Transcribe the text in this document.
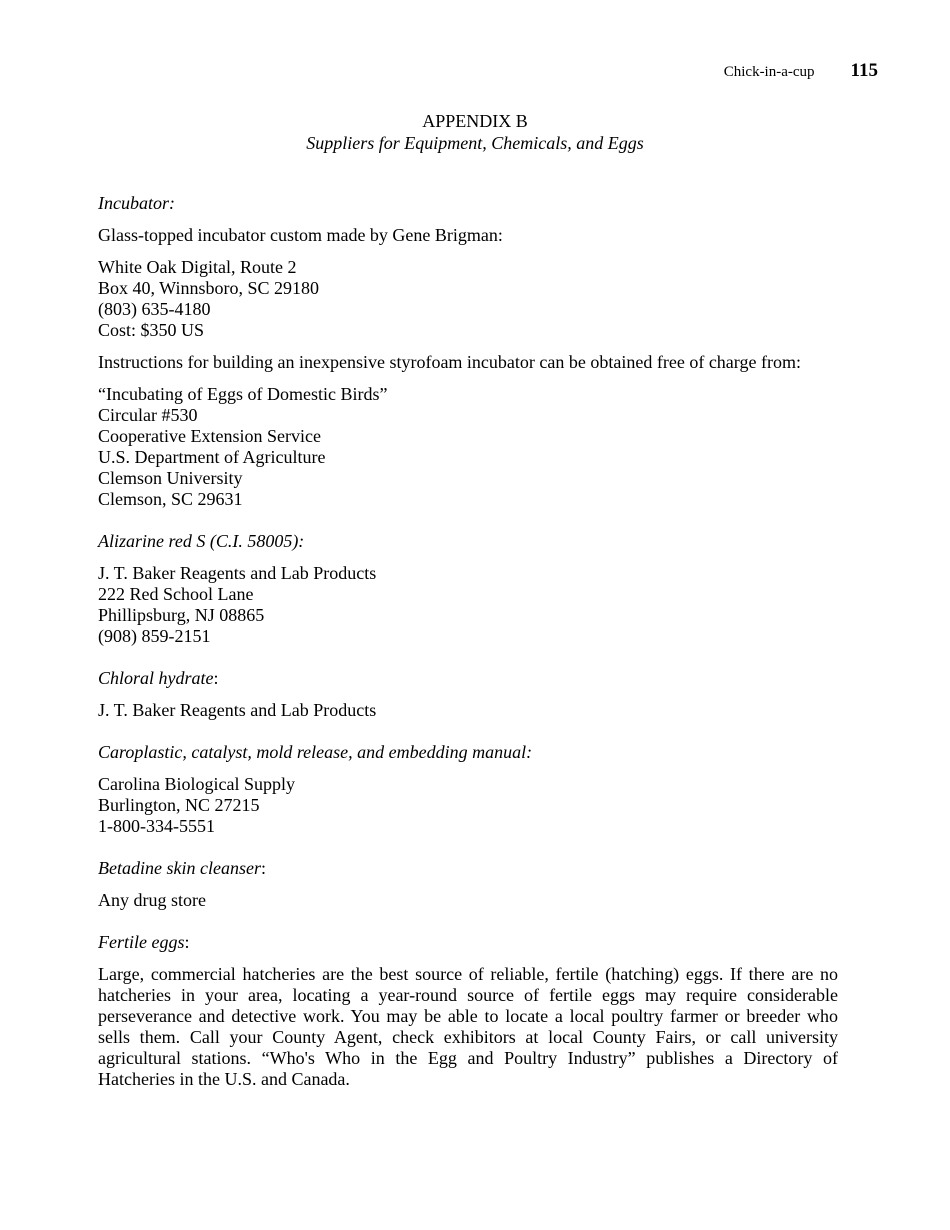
Chick-in-a-cup 115
APPENDIX B
Suppliers for Equipment, Chemicals, and Eggs
Incubator:
Glass-topped incubator custom made by Gene Brigman:
White Oak Digital, Route 2
Box 40, Winnsboro, SC 29180
(803) 635-4180
Cost: $350 US
Instructions for building an inexpensive styrofoam incubator can be obtained free of charge from:
“Incubating of Eggs of Domestic Birds”
Circular #530
Cooperative Extension Service
U.S. Department of Agriculture
Clemson University
Clemson, SC 29631
Alizarine red S (C.I. 58005):
J. T. Baker Reagents and Lab Products
222 Red School Lane
Phillipsburg, NJ 08865
(908) 859-2151
Chloral hydrate:
J. T. Baker Reagents and Lab Products
Caroplastic, catalyst, mold release, and embedding manual:
Carolina Biological Supply
Burlington, NC 27215
1-800-334-5551
Betadine skin cleanser:
Any drug store
Fertile eggs:
Large, commercial hatcheries are the best source of reliable, fertile (hatching) eggs. If there are no hatcheries in your area, locating a year-round source of fertile eggs may require considerable perseverance and detective work. You may be able to locate a local poultry farmer or breeder who sells them. Call your County Agent, check exhibitors at local County Fairs, or call university agricultural stations. “Who's Who in the Egg and Poultry Industry” publishes a Directory of Hatcheries in the U.S. and Canada.
